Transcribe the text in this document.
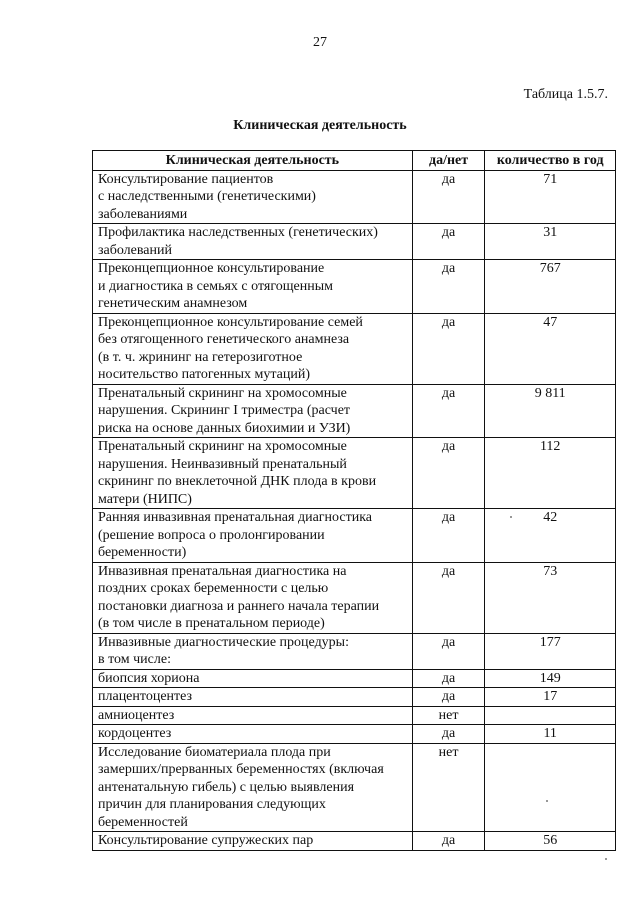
27
Таблица 1.5.7.
Клиническая деятельность
Клиническая деятельность	да/нет	количество в год

Консультирование пациентов
с наследственными (генетическими)
заболеваниями	да	71

Профилактика наследственных (генетических)
заболеваний	да	31

Преконцепционное консультирование
и диагностика в семьях с отягощенным
генетическим анамнезом	да	767

Преконцепционное консультирование семей
без отягощенного генетического анамнеза
(в т. ч. жрининг на гетерозиготное
носительство патогенных мутаций)	да	47

Пренатальный скрининг на хромосомные
нарушения. Скрининг I триместра (расчет
риска на основе данных биохимии и УЗИ)	да	9 811

Пренатальный скрининг на хромосомные
нарушения. Неинвазивный пренатальный
скрининг по внеклеточной ДНК плода в крови
матери (НИПС)	да	112

Ранняя инвазивная пренатальная диагностика
(решение вопроса о пролонгировании
беременности)	да	42

Инвазивная пренатальная диагностика на
поздних сроках беременности с целью
постановки диагноза и раннего начала терапии
(в том числе в пренатальном периоде)	да	73

Инвазивные диагностические процедуры:
в том числе:	да	177

биопсия хориона	да	149

плацентоцентез	да	17

амниоцентез	нет	

кордоцентез	да	11

Исследование биоматериала плода при
замерших/прерванных беременностях (включая
антенатальную гибель) с целью выявления
причин для планирования следующих
беременностей	нет	

Консультирование супружеских пар	да	56
